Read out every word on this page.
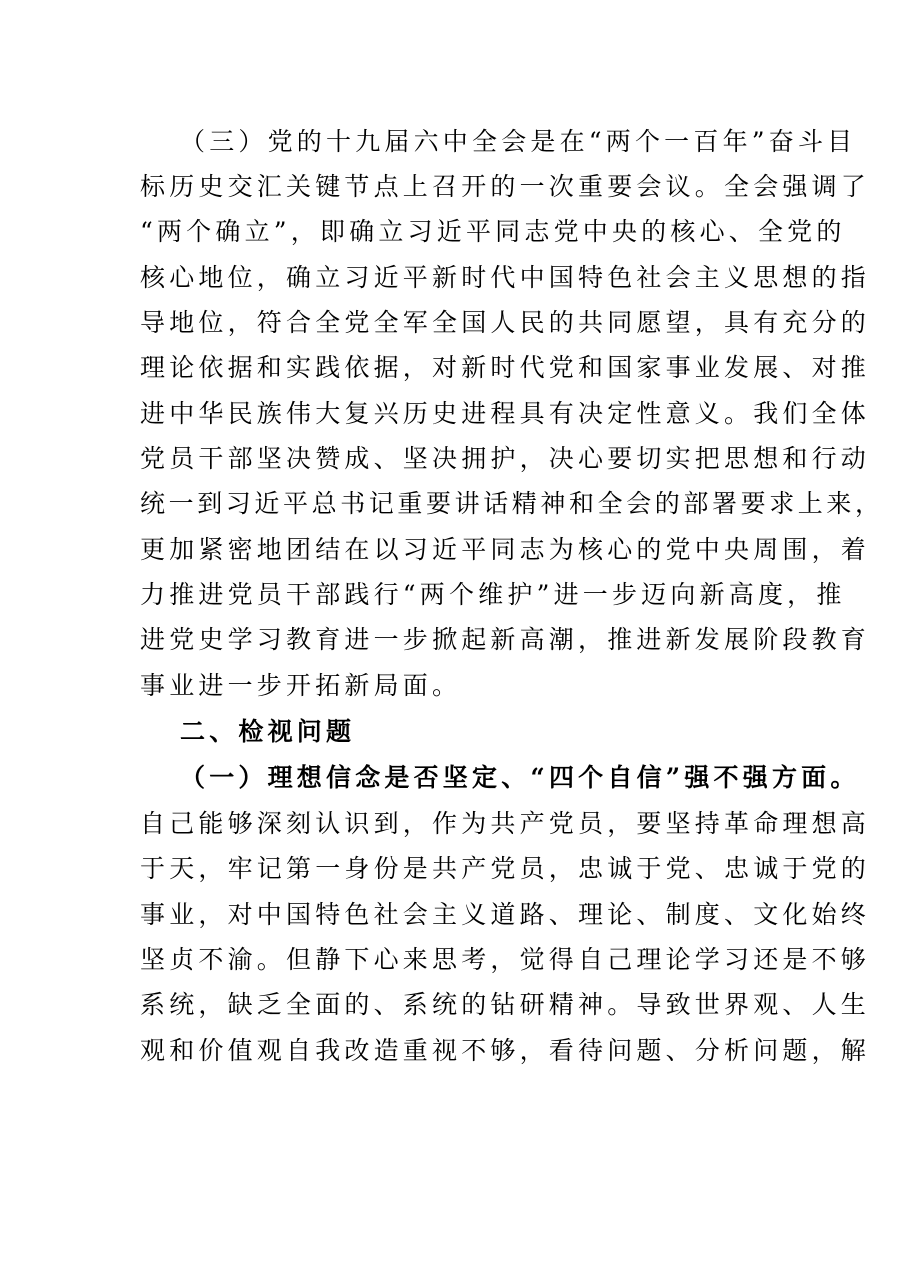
（三）党的十九届六中全会是在“两个一百年”奋斗目
标历史交汇关键节点上召开的一次重要会议。全会强调了
“两个确立”，即确立习近平同志党中央的核心、全党的
核心地位，确立习近平新时代中国特色社会主义思想的指
导地位，符合全党全军全国人民的共同愿望，具有充分的
理论依据和实践依据，对新时代党和国家事业发展、对推
进中华民族伟大复兴历史进程具有决定性意义。我们全体
党员干部坚决赞成、坚决拥护，决心要切实把思想和行动
统一到习近平总书记重要讲话精神和全会的部署要求上来，
更加紧密地团结在以习近平同志为核心的党中央周围，着
力推进党员干部践行“两个维护”进一步迈向新高度，推
进党史学习教育进一步掀起新高潮，推进新发展阶段教育
事业进一步开拓新局面。
二、检视问题
（一）理想信念是否坚定、“四个自信”强不强方面。
自己能够深刻认识到，作为共产党员，要坚持革命理想高
于天，牢记第一身份是共产党员，忠诚于党、忠诚于党的
事业，对中国特色社会主义道路、理论、制度、文化始终
坚贞不渝。但静下心来思考，觉得自己理论学习还是不够
系统，缺乏全面的、系统的钻研精神。导致世界观、人生
观和价值观自我改造重视不够，看待问题、分析问题，解
